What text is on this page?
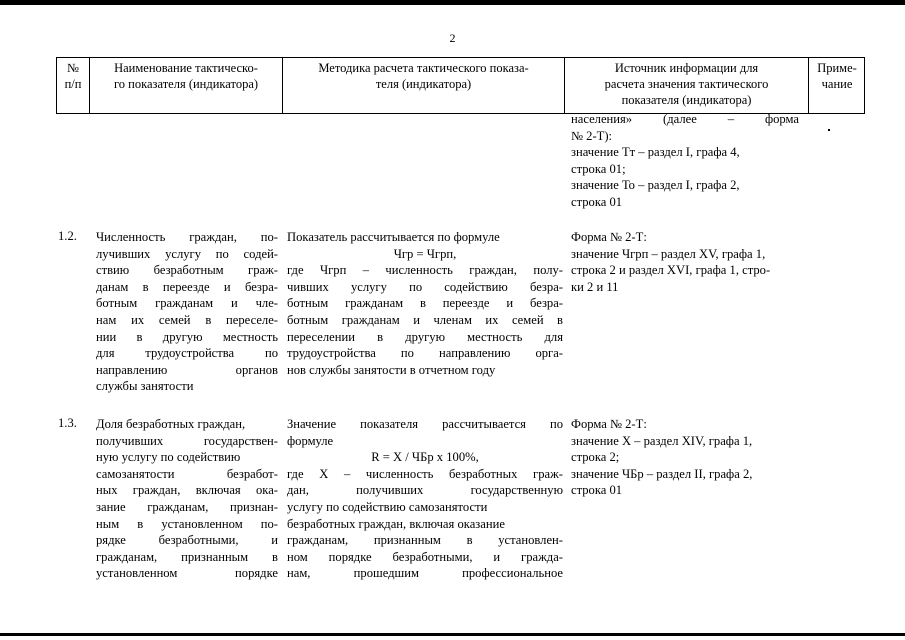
2
№
п/п
Наименование тактическо-
го показателя (индикатора)
Методика расчета тактического показа-
теля (индикатора)
Источник информации для
расчета значения тактического
показателя (индикатора)
Приме-
чание
населения» (далее – форма
№ 2-Т):
значение Тт – раздел I, графа 4,
строка 01;
значение То – раздел I, графа 2,
строка 01
1.2. Численность граждан, по-
лучивших услугу по содей-
ствию безработным граж-
данам в переезде и безра-
ботным гражданам и чле-
нам их семей в переселе-
нии в другую местность
для трудоустройства по
направлению органов
службы занятости
Показатель рассчитывается по формуле
Чгр = Чгрп,
где Чгрп – численность граждан, полу-
чивших услугу по содействию безра-
ботным гражданам в переезде и безра-
ботным гражданам и членам их семей в
переселении в другую местность для
трудоустройства по направлению орга-
нов службы занятости в отчетном году
Форма № 2-Т:
значение Чгрп – раздел XV, графа 1,
строка 2 и раздел XVI, графа 1, стро-
ки 2 и 11
1.3. Доля безработных граждан,
получивших государствен-
ную услугу по содействию
самозанятости безработ-
ных граждан, включая ока-
зание гражданам, признан-
ным в установленном по-
рядке безработными, и
гражданам, признанным в
установленном порядке
Значение показателя рассчитывается по
формуле
R = X / ЧБр x 100%,
где X – численность безработных граж-
дан, получивших государственную
услугу по содействию самозанятости
безработных граждан, включая оказание
гражданам, признанным в установлен-
ном порядке безработными, и гражда-
нам, прошедшим профессиональное
Форма № 2-Т:
значение X – раздел XIV, графа 1,
строка 2;
значение ЧБр – раздел II, графа 2,
строка 01
